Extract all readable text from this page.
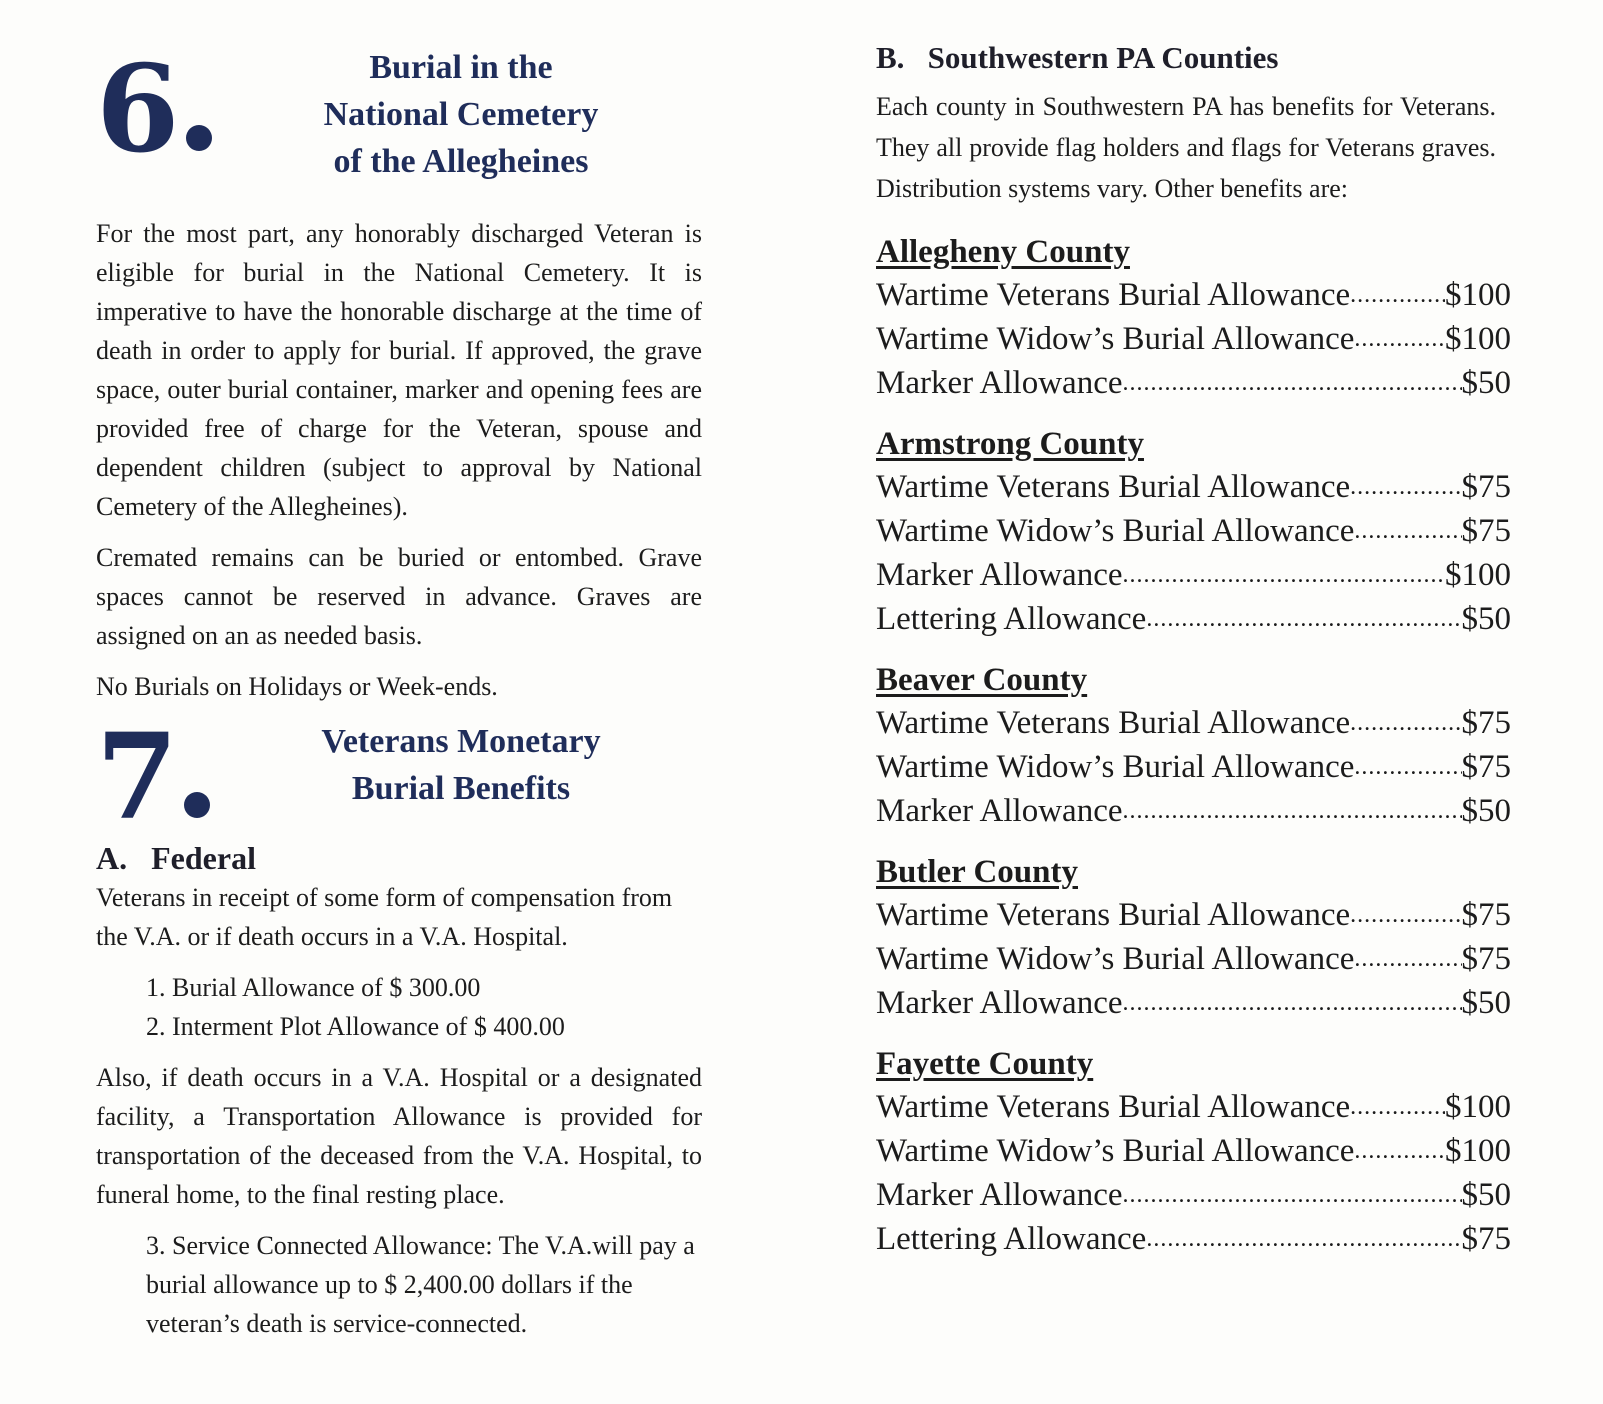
6	Burial in the
National Cemetery
of the Allegheines

For the most part, any honorably discharged Veteran is eligible for burial in the National Cemetery. It is imperative to have the honorable discharge at the time of death in order to apply for burial. If approved, the grave space, outer burial container, marker and opening fees are provided free of charge for the Veteran, spouse and dependent children (subject to approval by National Cemetery of the Allegheines).

Cremated remains can be buried or entombed. Grave spaces cannot be reserved in advance. Graves are assigned on an as needed basis.

No Burials on Holidays or Week-ends.

7	Veterans Monetary
Burial Benefits
A.   Federal

Veterans in receipt of some form of compensation from the V.A. or if death occurs in a V.A. Hospital.

1. Burial Allowance of $ 300.00
2. Interment Plot Allowance of $ 400.00

Also, if death occurs in a V.A. Hospital or a designated facility, a Transportation Allowance is provided for transportation of the deceased from the V.A. Hospital, to funeral home, to the final resting place.

3. Service Connected Allowance: The V.A.will pay a burial allowance up to $ 2,400.00 dollars if the veteran’s death is service-connected.

B.   Southwestern PA Counties

Each county in Southwestern PA has benefits for Veterans. They all provide flag holders and flags for Veterans graves. Distribution systems vary. Other benefits are:

Allegheny County
Wartime Veterans Burial Allowance .....	$100
Wartime Widow’s Burial Allowance .....	$100
Marker Allowance .....	$50
Armstrong County
Wartime Veterans Burial Allowance .....	$75
Wartime Widow’s Burial Allowance .....	$75
Marker Allowance .....	$100
Lettering Allowance .....	$50
Beaver County
Wartime Veterans Burial Allowance .....	$75
Wartime Widow’s Burial Allowance .....	$75
Marker Allowance .....	$50
Butler County
Wartime Veterans Burial Allowance .....	$75
Wartime Widow’s Burial Allowance .....	$75
Marker Allowance .....	$50
Fayette County
Wartime Veterans Burial Allowance .....	$100
Wartime Widow’s Burial Allowance .....	$100
Marker Allowance .....	$50
Lettering Allowance .....	$75
